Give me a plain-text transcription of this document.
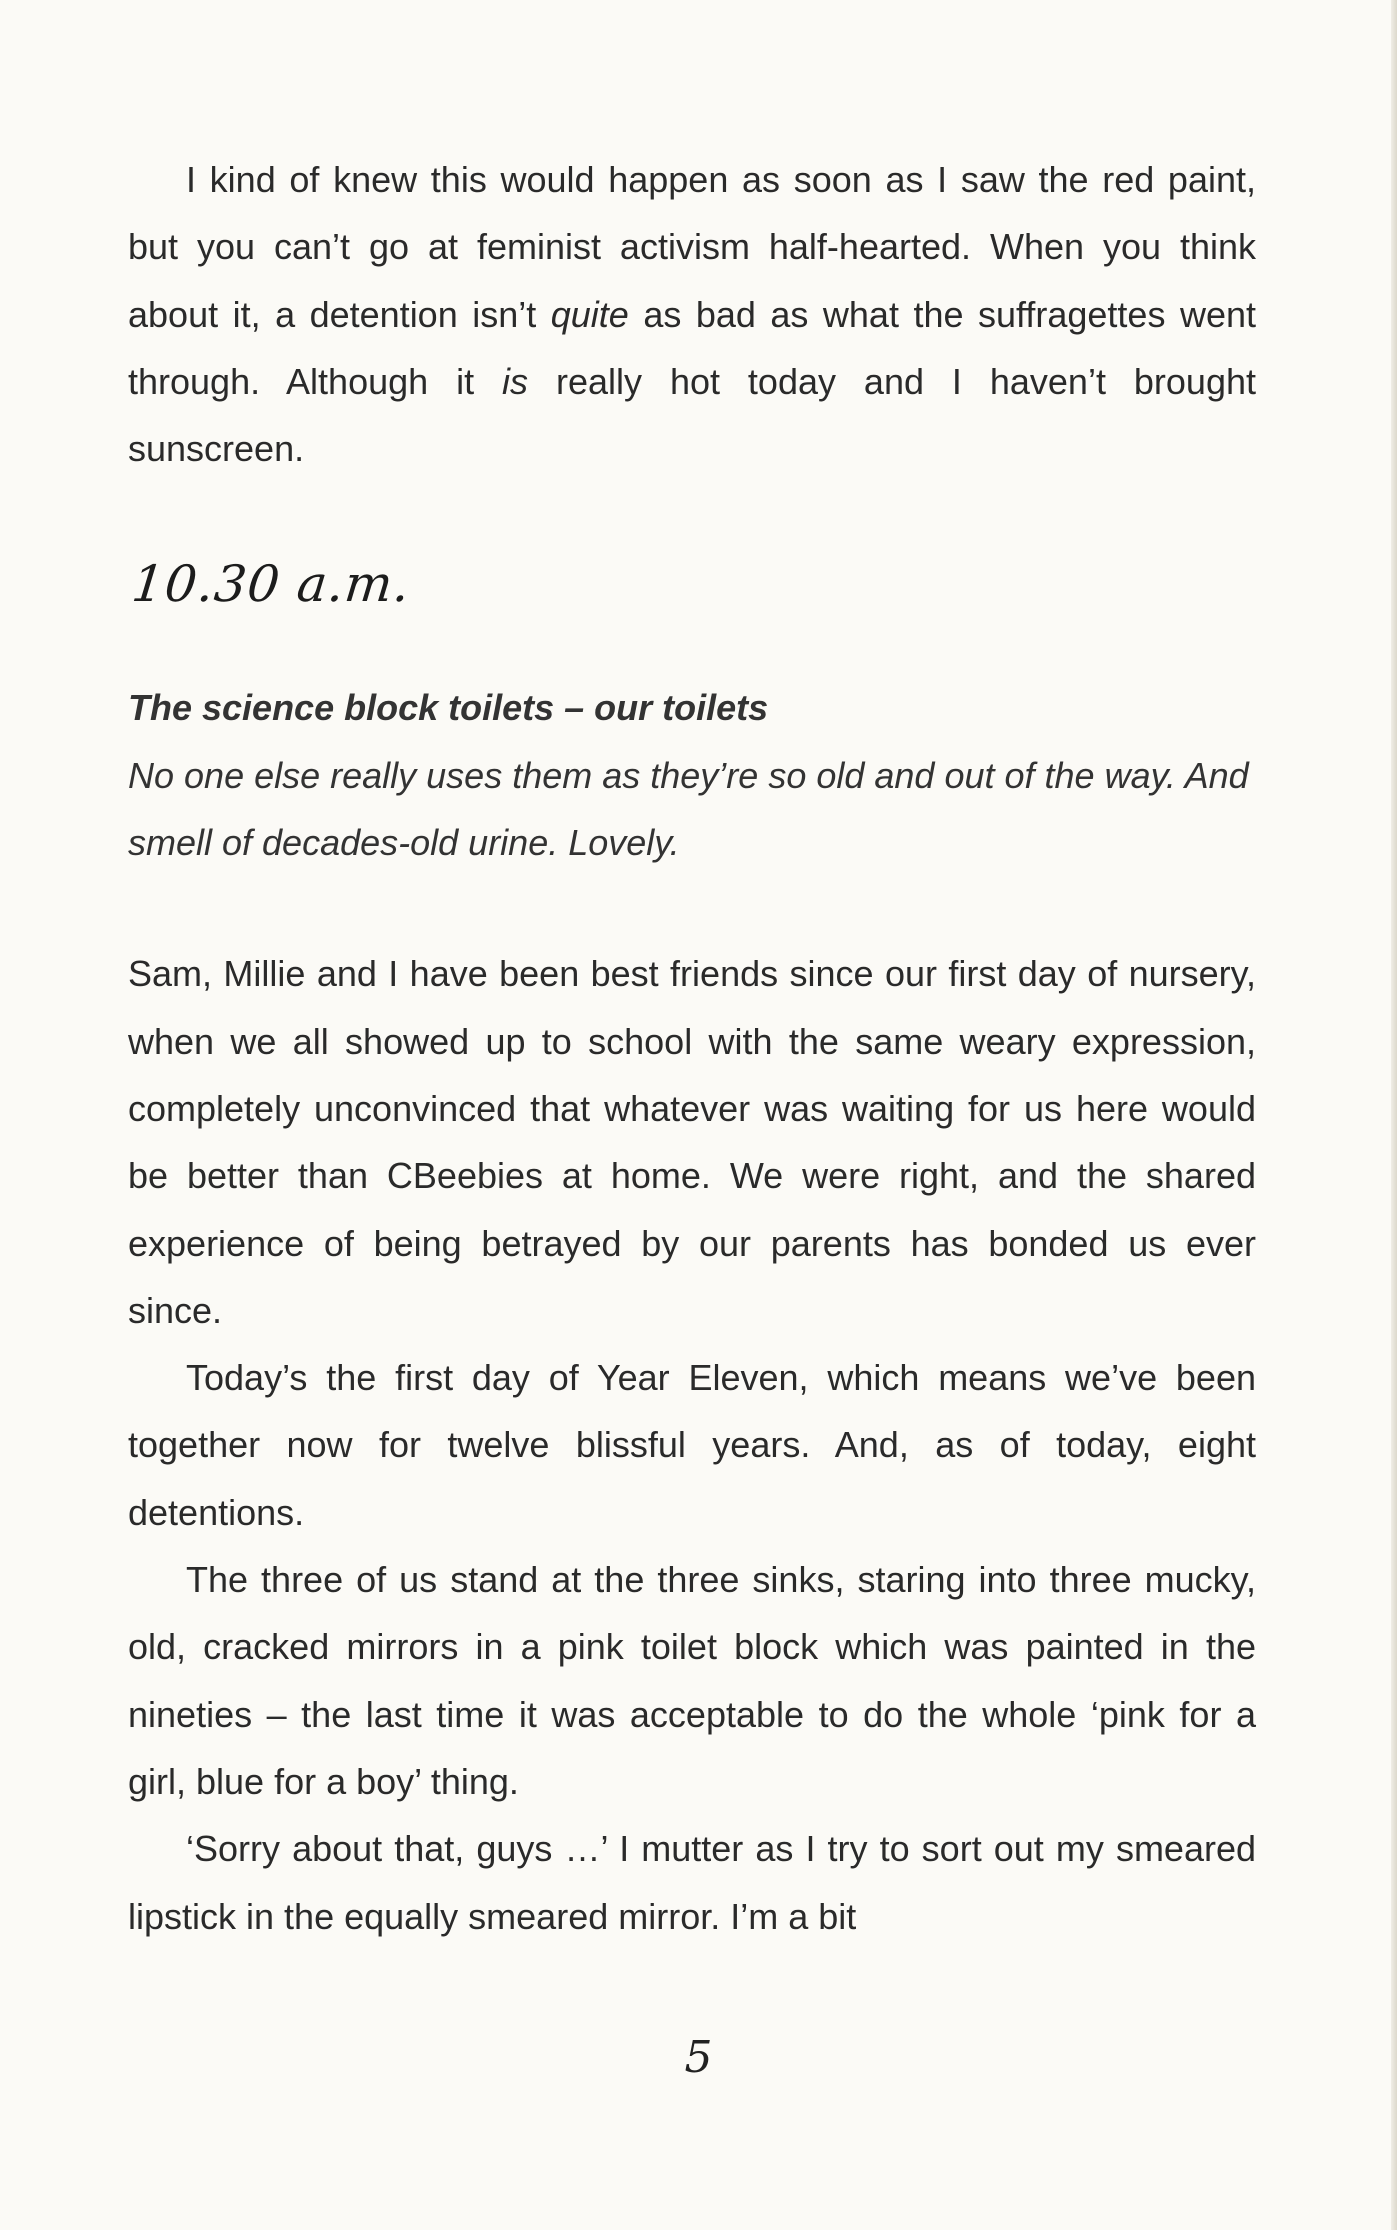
I kind of knew this would happen as soon as I saw the red paint, but you can’t go at feminist activism half-hearted. When you think about it, a detention isn’t quite as bad as what the suffragettes went through. Although it is really hot today and I haven’t brought sunscreen.

10.30 a.m.

The science block toilets – our toilets

No one else really uses them as they’re so old and out of the way. And smell of decades-old urine. Lovely.

Sam, Millie and I have been best friends since our first day of nursery, when we all showed up to school with the same weary expression, completely unconvinced that whatever was waiting for us here would be better than CBeebies at home. We were right, and the shared experience of being betrayed by our parents has bonded us ever since.

Today’s the first day of Year Eleven, which means we’ve been together now for twelve blissful years. And, as of today, eight detentions.

The three of us stand at the three sinks, staring into three mucky, old, cracked mirrors in a pink toilet block which was painted in the nineties – the last time it was acceptable to do the whole ‘pink for a girl, blue for a boy’ thing.

‘Sorry about that, guys …’ I mutter as I try to sort out my smeared lipstick in the equally smeared mirror. I’m a bit

5
